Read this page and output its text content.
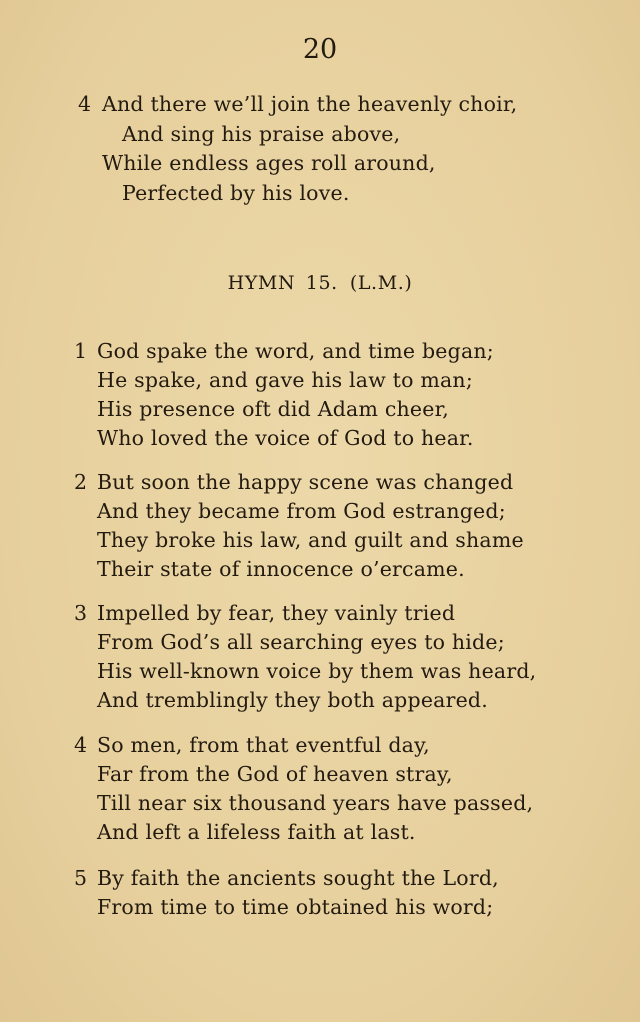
20
4 And there we’ll join the heavenly choir,
And sing his praise above,
While endless ages roll around,
Perfected by his love.
HYMN 15. (L.M.)
1 God spake the word, and time began;
He spake, and gave his law to man;
His presence oft did Adam cheer,
Who loved the voice of God to hear.
2 But soon the happy scene was changed
And they became from God estranged;
They broke his law, and guilt and shame
Their state of innocence o’ercame.
3 Impelled by fear, they vainly tried
From God’s all searching eyes to hide;
His well-known voice by them was heard,
And tremblingly they both appeared.
4 So men, from that eventful day,
Far from the God of heaven stray,
Till near six thousand years have passed,
And left a lifeless faith at last.
5 By faith the ancients sought the Lord,
From time to time obtained his word;
